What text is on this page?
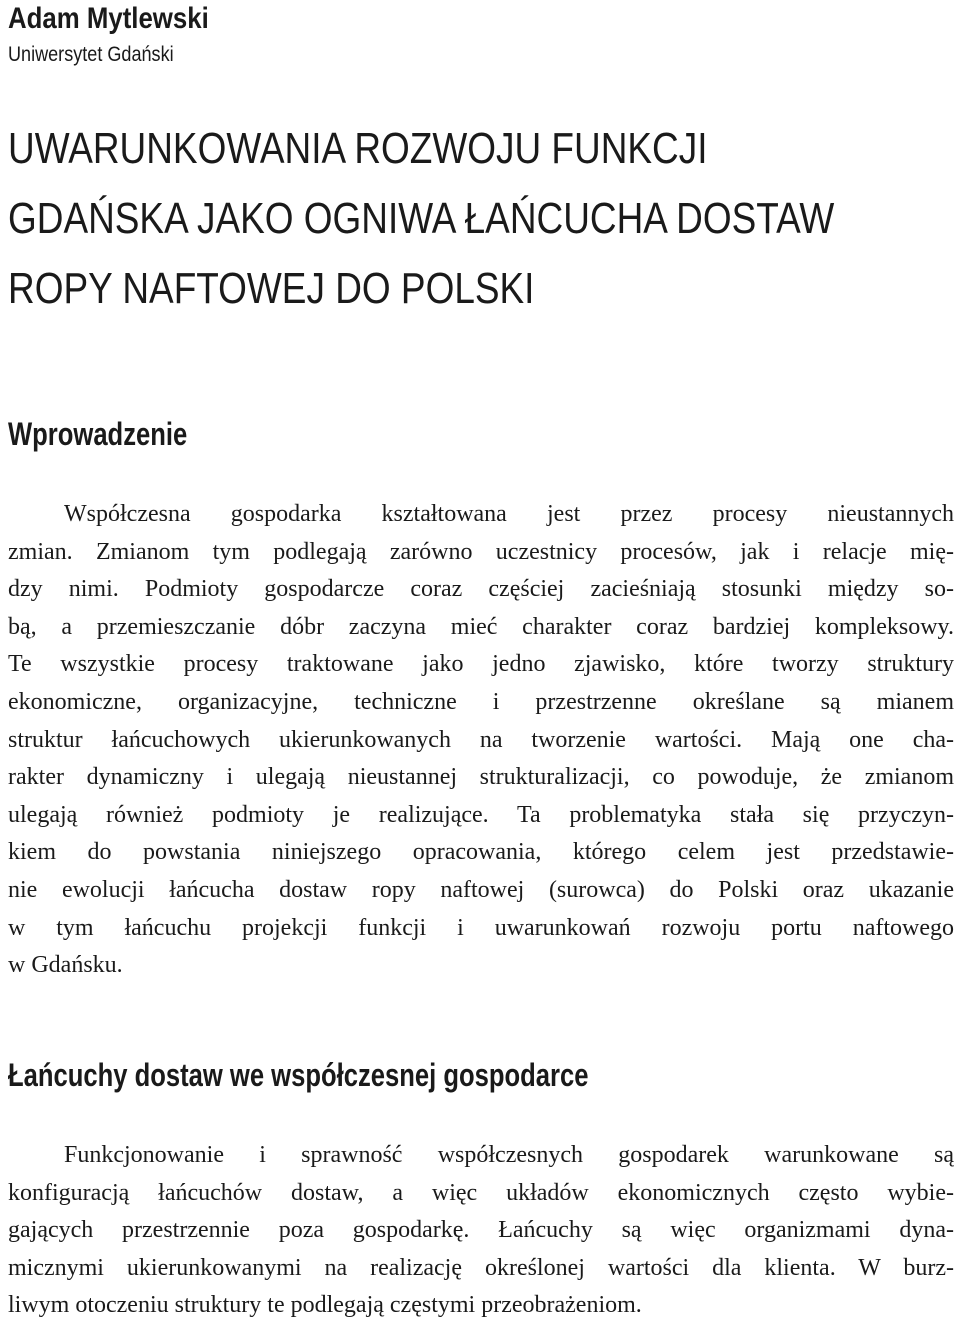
Adam Mytlewski
Uniwersytet Gdański
UWARUNKOWANIA ROZWOJU FUNKCJI
GDAŃSKA JAKO OGNIWA ŁAŃCUCHA DOSTAW
ROPY NAFTOWEJ DO POLSKI
Wprowadzenie
Współczesna gospodarka kształtowana jest przez procesy nieustannych
zmian. Zmianom tym podlegają zarówno uczestnicy procesów, jak i relacje mię-
dzy nimi. Podmioty gospodarcze coraz częściej zacieśniają stosunki między so-
bą, a przemieszczanie dóbr zaczyna mieć charakter coraz bardziej kompleksowy.
Te wszystkie procesy traktowane jako jedno zjawisko, które tworzy struktury
ekonomiczne, organizacyjne, techniczne i przestrzenne określane są mianem
struktur łańcuchowych ukierunkowanych na tworzenie wartości. Mają one cha-
rakter dynamiczny i ulegają nieustannej strukturalizacji, co powoduje, że zmianom
ulegają również podmioty je realizujące. Ta problematyka stała się przyczyn-
kiem do powstania niniejszego opracowania, którego celem jest przedstawie-
nie ewolucji łańcucha dostaw ropy naftowej (surowca) do Polski oraz ukazanie
w tym łańcuchu projekcji funkcji i uwarunkowań rozwoju portu naftowego
w Gdańsku.
Łańcuchy dostaw we współczesnej gospodarce
Funkcjonowanie i sprawność współczesnych gospodarek warunkowane są
konfiguracją łańcuchów dostaw, a więc układów ekonomicznych często wybie-
gających przestrzennie poza gospodarkę. Łańcuchy są więc organizmami dyna-
micznymi ukierunkowanymi na realizację określonej wartości dla klienta. W burz-
liwym otoczeniu struktury te podlegają częstymi przeobrażeniom.
